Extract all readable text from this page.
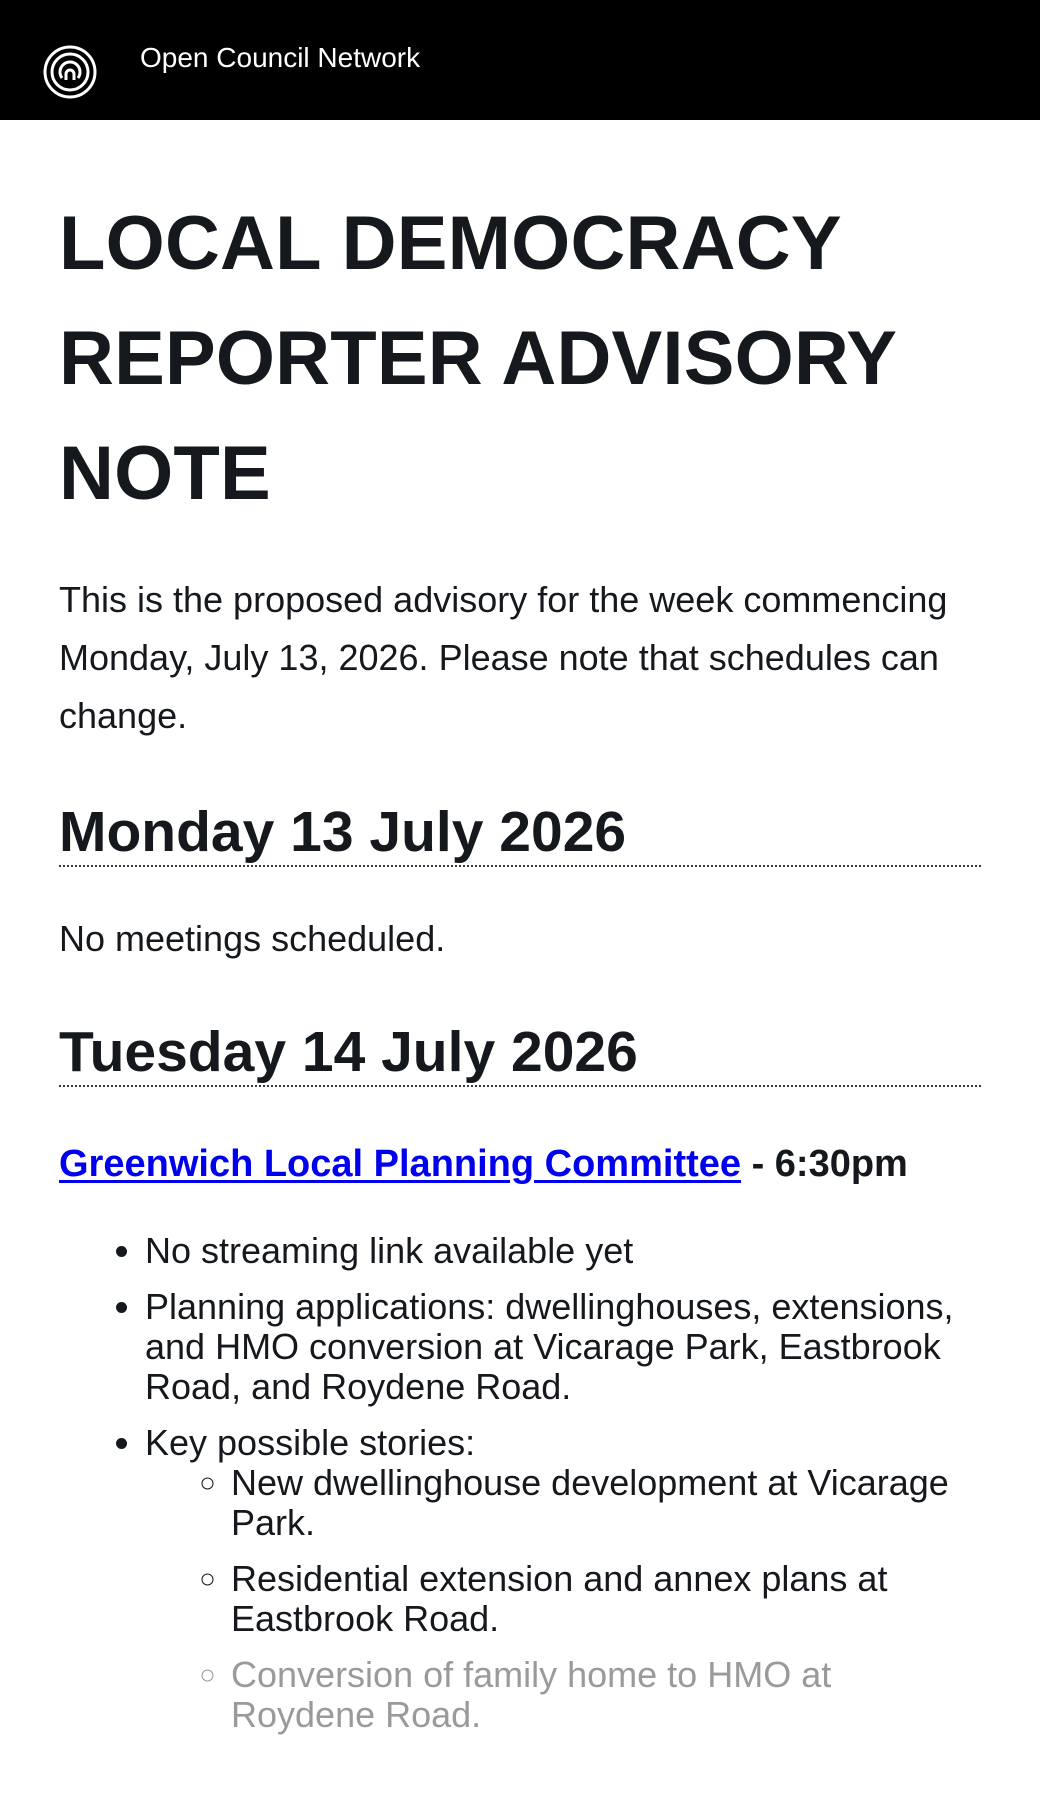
Open Council Network
LOCAL DEMOCRACY REPORTER ADVISORY NOTE

This is the proposed advisory for the week commencing Monday, July 13, 2026. Please note that schedules can change.

Monday 13 July 2026

No meetings scheduled.

Tuesday 14 July 2026

Greenwich Local Planning Committee - 6:30pm

• No streaming link available yet
• Planning applications: dwellinghouses, extensions, and HMO conversion at Vicarage Park, Eastbrook Road, and Roydene Road.
• Key possible stories:
◦ New dwellinghouse development at Vicarage Park.
◦ Residential extension and annex plans at Eastbrook Road.
◦ Conversion of family home to HMO at Roydene Road.
